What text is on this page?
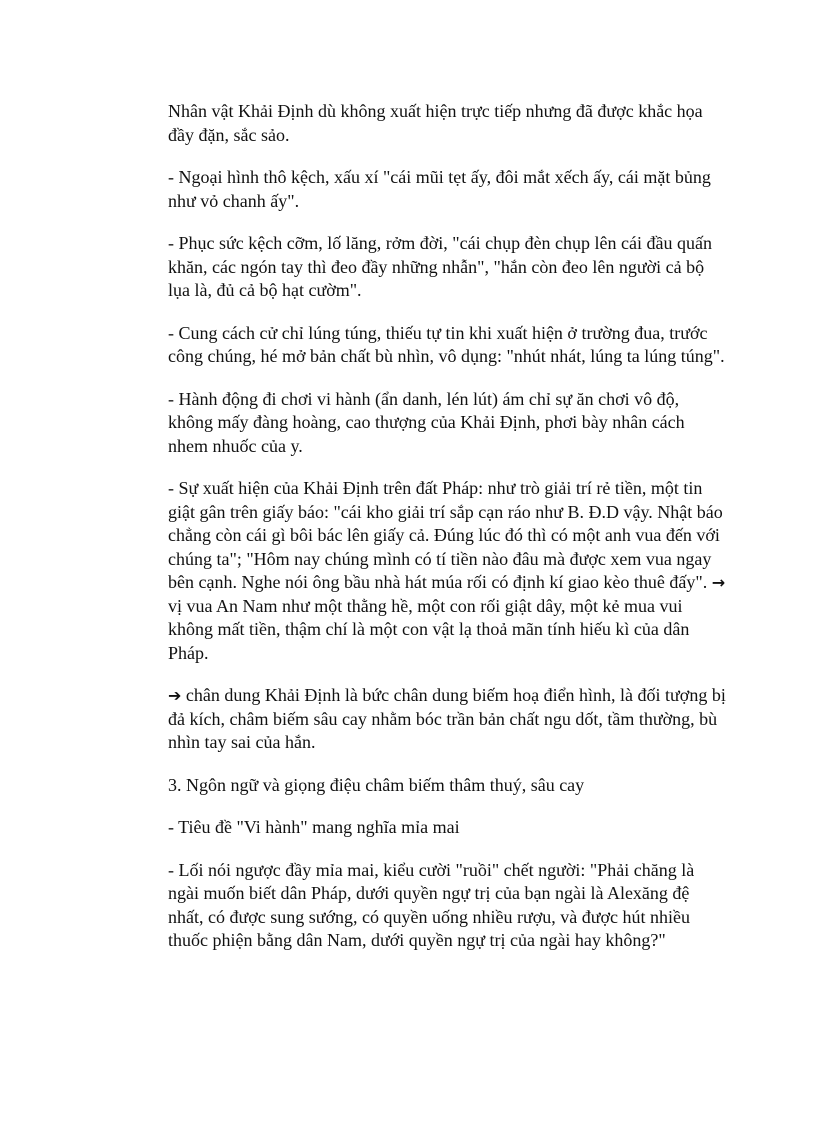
Nhân vật Khải Định dù không xuất hiện trực tiếp nhưng đã được khắc họa đầy đặn, sắc sảo.

- Ngoại hình thô kệch, xấu xí "cái mũi tẹt ấy, đôi mắt xếch ấy, cái mặt bủng như vỏ chanh ấy".

- Phục sức kệch cỡm, lố lăng, rởm đời, "cái chụp đèn chụp lên cái đầu quấn khăn, các ngón tay thì đeo đầy những nhẫn", "hắn còn đeo lên người cả bộ lụa là, đủ cả bộ hạt cườm".

- Cung cách cử chỉ lúng túng, thiếu tự tin khi xuất hiện ở trường đua, trước công chúng, hé mở bản chất bù nhìn, vô dụng: "nhút nhát, lúng ta lúng túng".

- Hành động đi chơi vi hành (ẩn danh, lén lút) ám chỉ sự ăn chơi vô độ, không mấy đàng hoàng, cao thượng của Khải Định, phơi bày nhân cách nhem nhuốc của y.

- Sự xuất hiện của Khải Định trên đất Pháp: như trò giải trí rẻ tiền, một tin giật gân trên giấy báo: "cái kho giải trí sắp cạn ráo như B. Đ.D vậy. Nhật báo chẳng còn cái gì bôi bác lên giấy cả. Đúng lúc đó thì có một anh vua đến với chúng ta"; "Hôm nay chúng mình có tí tiền nào đâu mà được xem vua ngay bên cạnh. Nghe nói ông bầu nhà hát múa rối có định kí giao kèo thuê đấy". → vị vua An Nam như một thằng hề, một con rối giật dây, một kẻ mua vui không mất tiền, thậm chí là một con vật lạ thoả mãn tính hiếu kì của dân Pháp.

➔ chân dung Khải Định là bức chân dung biếm hoạ điển hình, là đối tượng bị đả kích, châm biếm sâu cay nhằm bóc trần bản chất ngu dốt, tầm thường, bù nhìn tay sai của hắn.

3. Ngôn ngữ và giọng điệu châm biếm thâm thuý, sâu cay

- Tiêu đề "Vi hành" mang nghĩa mỉa mai

- Lối nói ngược đầy mỉa mai, kiểu cười "ruồi" chết người: "Phải chăng là ngài muốn biết dân Pháp, dưới quyền ngự trị của bạn ngài là Alexăng đệ nhất, có được sung sướng, có quyền uống nhiều rượu, và được hút nhiều thuốc phiện bằng dân Nam, dưới quyền ngự trị của ngài hay không?"
